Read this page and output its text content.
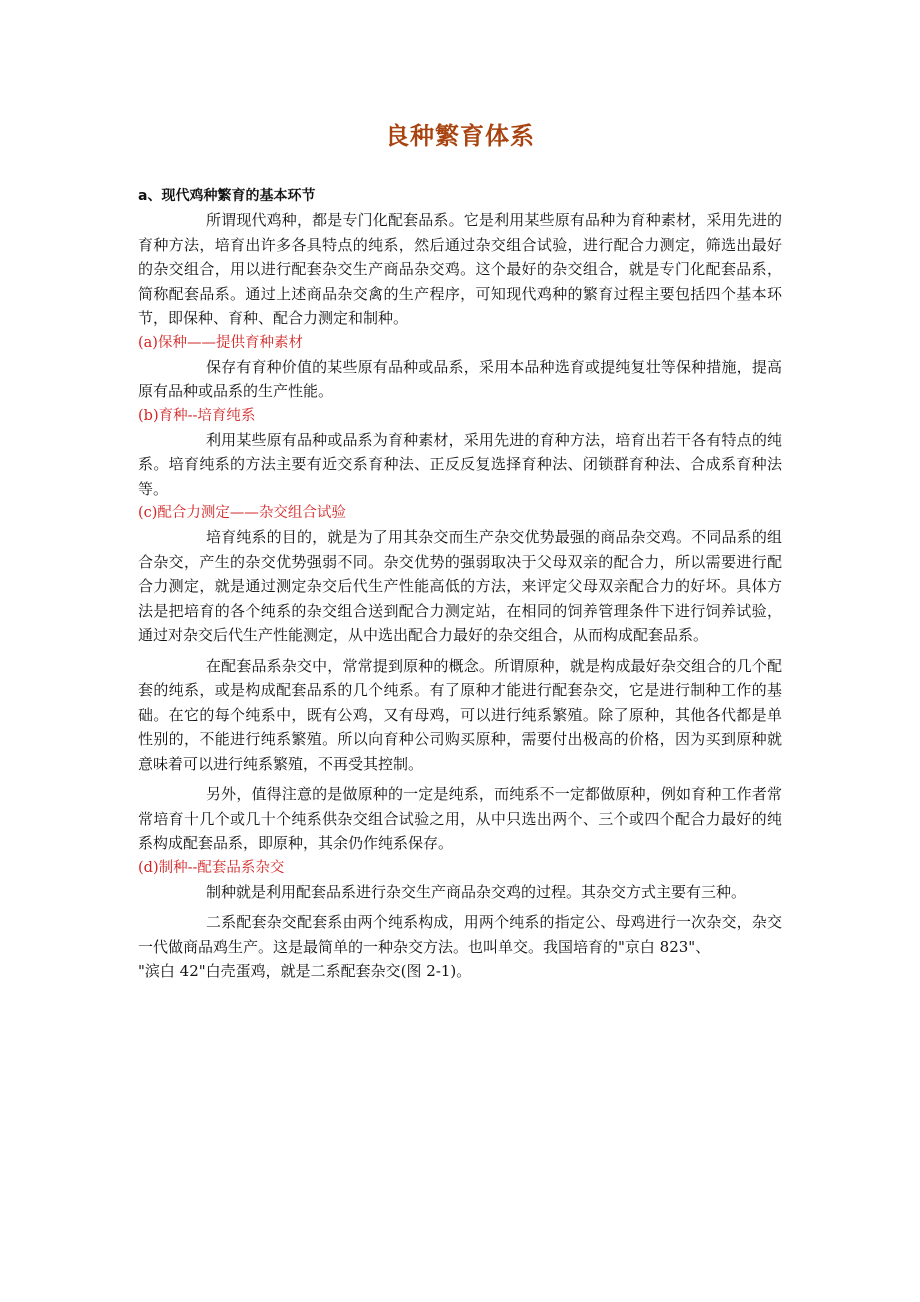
良种繁育体系
a、现代鸡种繁育的基本环节

所谓现代鸡种，都是专门化配套品系。它是利用某些原有品种为育种素材，采用先进的育种方法，培育出许多各具特点的纯系，然后通过杂交组合试验，进行配合力测定，筛选出最好的杂交组合，用以进行配套杂交生产商品杂交鸡。这个最好的杂交组合，就是专门化配套品系，简称配套品系。通过上述商品杂交禽的生产程序，可知现代鸡种的繁育过程主要包括四个基本环节，即保种、育种、配合力测定和制种。

(a)保种——提供育种素材

保存有育种价值的某些原有品种或品系，采用本品种选育或提纯复壮等保种措施，提高原有品种或品系的生产性能。

(b)育种--培育纯系

利用某些原有品种或品系为育种素材，采用先进的育种方法，培育出若干各有特点的纯系。培育纯系的方法主要有近交系育种法、正反反复选择育种法、闭锁群育种法、合成系育种法等。

(c)配合力测定——杂交组合试验

培育纯系的目的，就是为了用其杂交而生产杂交优势最强的商品杂交鸡。不同品系的组合杂交，产生的杂交优势强弱不同。杂交优势的强弱取决于父母双亲的配合力，所以需要进行配合力测定，就是通过测定杂交后代生产性能高低的方法，来评定父母双亲配合力的好坏。具体方法是把培育的各个纯系的杂交组合送到配合力测定站，在相同的饲养管理条件下进行饲养试验，通过对杂交后代生产性能测定，从中选出配合力最好的杂交组合，从而构成配套品系。

在配套品系杂交中，常常提到原种的概念。所谓原种，就是构成最好杂交组合的几个配套的纯系，或是构成配套品系的几个纯系。有了原种才能进行配套杂交，它是进行制种工作的基础。在它的每个纯系中，既有公鸡，又有母鸡，可以进行纯系繁殖。除了原种，其他各代都是单性别的，不能进行纯系繁殖。所以向育种公司购买原种，需要付出极高的价格，因为买到原种就意味着可以进行纯系繁殖，不再受其控制。

另外，值得注意的是做原种的一定是纯系，而纯系不一定都做原种，例如育种工作者常常培育十几个或几十个纯系供杂交组合试验之用，从中只选出两个、三个或四个配合力最好的纯系构成配套品系，即原种，其余仍作纯系保存。

(d)制种--配套品系杂交

制种就是利用配套品系进行杂交生产商品杂交鸡的过程。其杂交方式主要有三种。

二系配套杂交配套系由两个纯系构成，用两个纯系的指定公、母鸡进行一次杂交，杂交一代做商品鸡生产。这是最简单的一种杂交方法。也叫单交。我国培育的"京白 823"、

"滨白 42"白壳蛋鸡，就是二系配套杂交(图 2-1)。
